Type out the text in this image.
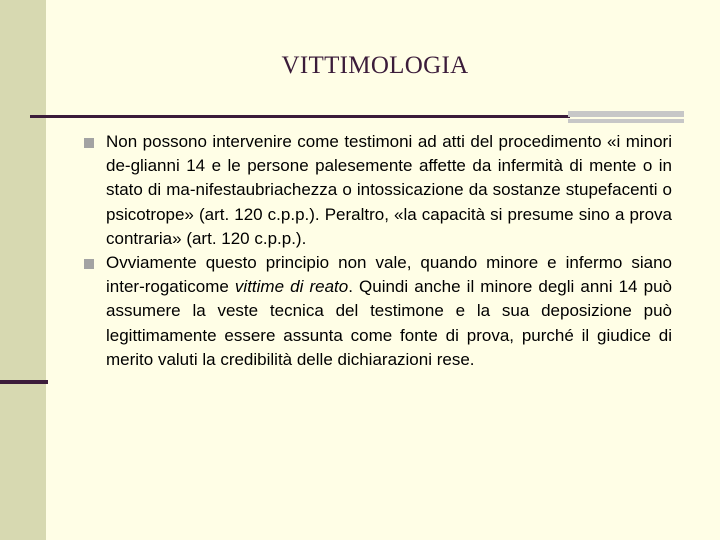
VITTIMOLOGIA
Non possono intervenire come testimoni ad atti del procedimento «i minori de-glianni 14 e le persone palesemente affette da infermità di mente o in stato di ma-nifestaubriachezza o intossicazione da sostanze stupefacenti o psicotrope» (art. 120 c.p.p.). Peraltro, «la capacità si presume sino a prova contraria» (art. 120 c.p.p.).
Ovviamente questo principio non vale, quando minore e infermo siano inter-rogaticome vittime di reato. Quindi anche il minore degli anni 14 può assumere la veste tecnica del testimone e la sua deposizione può legittimamente essere assunta come fonte di prova, purché il giudice di merito valuti la credibilità delle dichiarazioni rese.
